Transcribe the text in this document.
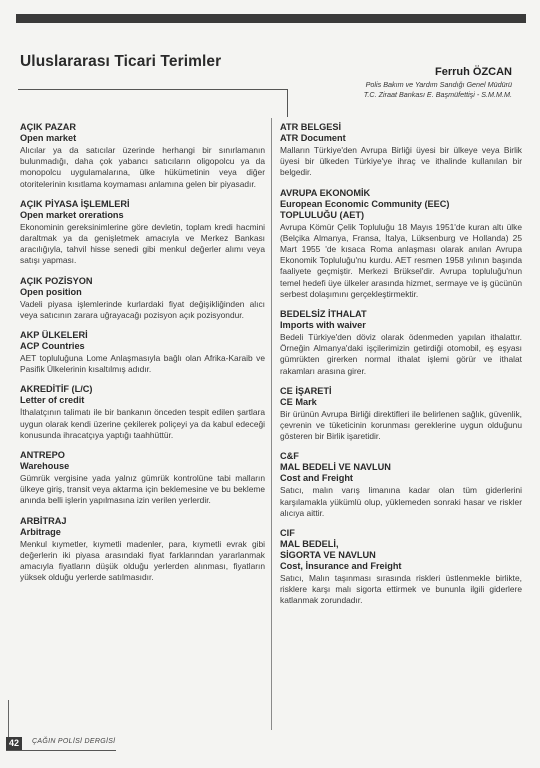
Uluslararası Ticari Terimler
Ferruh ÖZCAN
Polis Bakım ve Yardım Sandığı Genel Müdürü
T.C. Ziraat Bankası E. Başmüfettişi - S.M.M.M.
AÇIK PAZAR
Open market
Alıcılar ya da satıcılar üzerinde herhangi bir sınırlamanın bulunmadığı, daha çok yabancı satıcıların oligopolcu ya da monopolcu uygulamalarına, ülke hükümetinin veya diğer otoritelerinin kısıtlama koymaması anlamına gelen bir piyasadır.
AÇIK PİYASA İŞLEMLERİ
Open market orerations
Ekonominin gereksinimlerine göre devletin, toplam kredi hacmini daraltmak ya da genişletmek amacıyla ve Merkez Bankası aracılığıyla, tahvil hisse senedi gibi menkul değerler alımı veya satışı yapması.
AÇIK POZİSYON
Open position
Vadeli piyasa işlemlerinde kurlardaki fiyat değişikliğinden alıcı veya satıcının zarara uğrayacağı pozisyon açık pozisyondur.
AKP ÜLKELERİ
ACP Countries
AET topluluğuna Lome Anlaşmasıyla bağlı olan Afrika-Karaib ve Pasifik Ülkelerinin kısaltılmış adıdır.
AKREDİTİF (L/C)
Letter of credit
İthalatçının talimatı ile bir bankanın önceden tespit edilen şartlara uygun olarak kendi üzerine çekilerek poliçeyi ya da kabul edeceği konusunda ihracatçıya yaptığı taahhüttür.
ANTREPO
Warehouse
Gümrük vergisine yada yalnız gümrük kontrolüne tabi malların ülkeye giriş, transit veya aktarma için beklemesine ve bu bekleme anında belli işlerin yapılmasına izin verilen yerlerdir.
ARBİTRAJ
Arbitrage
Menkul kıymetler, kıymetli madenler, para, kıymetli evrak gibi değerlerin iki piyasa arasındaki fiyat farklarından yararlanmak amacıyla fiyatların düşük olduğu yerlerden alınması, fiyatların yüksek olduğu yerlerde satılmasıdır.
ATR BELGESİ
ATR Document
Malların Türkiye'den Avrupa Birliği üyesi bir ülkeye veya Birlik üyesi bir ülkeden Türkiye'ye ihraç ve ithalinde kullanılan bir belgedir.
AVRUPA EKONOMİK
European Economic Community (EEC)
TOPLULUĞU (AET)
Avrupa Kömür Çelik Topluluğu 18 Mayıs 1951'de kuran altı ülke (Belçika Almanya, Fransa, İtalya, Lüksenburg ve Hollanda) 25 Mart 1955 'de kısaca Roma anlaşması olarak anılan Avrupa Ekonomik Topluluğu'nu kurdu. AET resmen 1958 yılının başında faaliyete geçmiştir. Merkezi Brüksel'dir. Avrupa topluluğu'nun temel hedefi üye ülkeler arasında hizmet, sermaye ve iş gücünün serbest dolaşımını gerçekleştirmektir.
BEDELSİZ İTHALAT
Imports with waiver
Bedeli Türkiye'den döviz olarak ödenmeden yapılan ithalattır. Örneğin Almanya'daki işçilerimizin getirdiği otomobil, eş eşyası gümrükten girerken normal ithalat işlemi görür ve ithalat rakamları arasına girer.
CE İŞARETİ
CE Mark
Bir ürünün Avrupa Birliği direktifleri ile belirlenen sağlık, güvenlik, çevrenin ve tüketicinin korunması gereklerine uygun olduğunu gösteren bir Birlik işaretidir.
C&F
MAL BEDELİ VE NAVLUN
Cost and Freight
Satıcı, malın varış limanına kadar olan tüm giderlerini karşılamakla yükümlü olup, yüklemeden sonraki hasar ve riskler alıcıya aittir.
CIF
MAL BEDELİ,
SİGORTA VE NAVLUN
Cost, İnsurance and Freight
Satıcı, Malın taşınması sırasında riskleri üstlenmekle birlikte, risklere karşı malı sigorta ettirmek ve bununla ilgili giderlere katlanmak zorundadır.
42	ÇAĞIN POLİSİ DERGİSİ
